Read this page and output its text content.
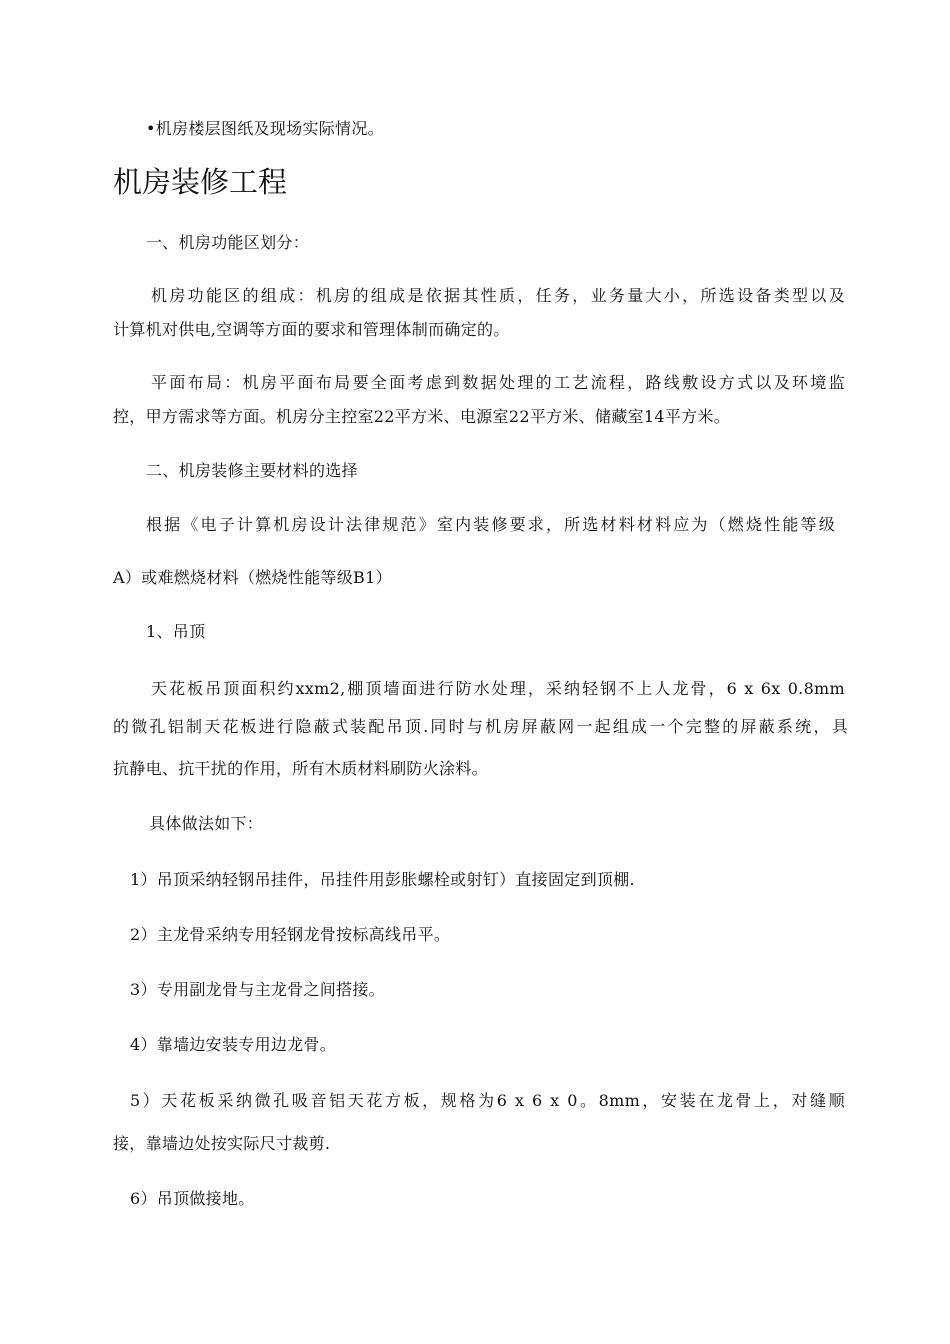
•机房楼层图纸及现场实际情况。
机房装修工程
一、机房功能区划分：
机房功能区的组成：机房的组成是依据其性质，任务，业务量大小，所选设备类型以及
计算机对供电,空调等方面的要求和管理体制而确定的。
平面布局：机房平面布局要全面考虑到数据处理的工艺流程，路线敷设方式以及环境监
控，甲方需求等方面。机房分主控室22平方米、电源室22平方米、储藏室14平方米。
二、机房装修主要材料的选择
根据《电子计算机房设计法律规范》室内装修要求，所选材料材料应为（燃烧性能等级
A）或难燃烧材料（燃烧性能等级B1）
1、吊顶
天花板吊顶面积约xxm2,棚顶墙面进行防水处理，采纳轻钢不上人龙骨，6 x 6x 0.8mm
的微孔铝制天花板进行隐蔽式装配吊顶.同时与机房屏蔽网一起组成一个完整的屏蔽系统，具
抗静电、抗干扰的作用，所有木质材料刷防火涂料。
具体做法如下：
1）吊顶采纳轻钢吊挂件，吊挂件用彭胀螺栓或射钉）直接固定到顶棚.
2）主龙骨采纳专用轻钢龙骨按标高线吊平。
3）专用副龙骨与主龙骨之间搭接。
4）靠墙边安装专用边龙骨。
5）天花板采纳微孔吸音铝天花方板，规格为6 x 6 x 0。8mm，安装在龙骨上，对缝顺
接，靠墙边处按实际尺寸裁剪.
6）吊顶做接地。
